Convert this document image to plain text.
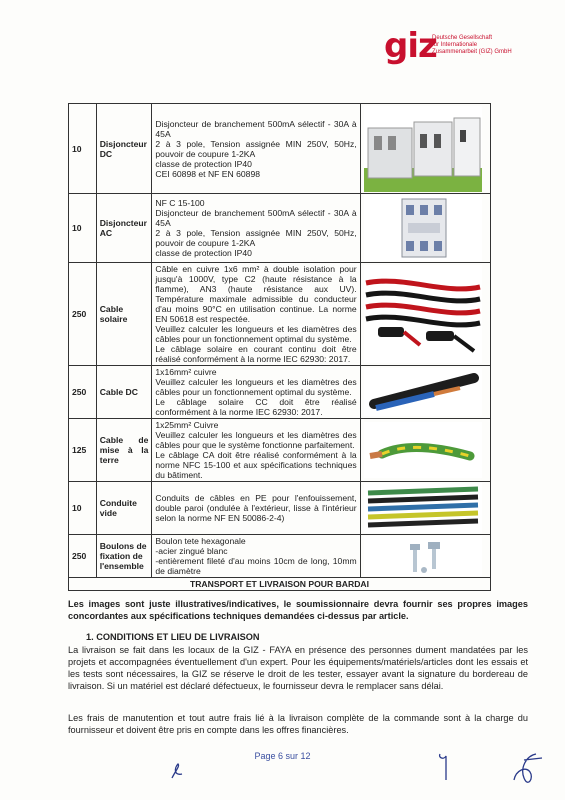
giz
Deutsche Gesellschaft
für Internationale
Zusammenarbeit (GIZ) GmbH
10	Disjoncteur DC	Disjoncteur de branchement 500mA sélectif - 30A à 45A
2 à 3 pole, Tension assignée MIN 250V, 50Hz, pouvoir de coupure 1-2KA
classe de protection IP40
CEI 60898 et NF EN 60898	

10	Disjoncteur AC	NF C 15-100
Disjoncteur de branchement 500mA sélectif - 30A à 45A
2 à 3 pole, Tension assignée MIN 250V, 50Hz, pouvoir de coupure 1-2KA
classe de protection IP40	

250	Cable solaire	Câble en cuivre 1x6 mm² à double isolation pour jusqu'à 1000V, type C2 (haute résistance à la flamme), AN3 (haute résistance aux UV). Température maximale admissible du conducteur d'au moins 90°C en utilisation continue. La norme EN 50618 est respectée.
Veuillez calculer les longueurs et les diamètres des câbles pour un fonctionnement optimal du système.
Le câblage solaire en courant continu doit être réalisé conformément à la norme IEC 62930: 2017.	

250	Cable DC	1x16mm² cuivre
Veuillez calculer les longueurs et les diamètres des câbles pour un fonctionnement optimal du système.
Le câblage solaire CC doit être réalisé conformément à la norme IEC 62930: 2017.	

125	Cable de mise à la terre	1x25mm² Cuivre
Veuillez calculer les longueurs et les diamètres des câbles pour que le système fonctionne parfaitement.
Le câblage CA doit être réalisé conformément à la norme NFC 15-100 et aux spécifications techniques du bâtiment.	

10	Conduite vide	Conduits de câbles en PE pour l'enfouissement, double paroi (ondulée à l'extérieur, lisse à l'intérieur selon la norme NF EN 50086-2-4)	

250	Boulons de fixation de l'ensemble	Boulon tete hexagonale
-acier zingué blanc
-entièrement fileté d'au moins 10cm de long, 10mm de diamètre	

TRANSPORT ET LIVRAISON POUR BARDAI			
Les images sont juste illustratives/indicatives, le soumissionnaire devra fournir ses propres images concordantes aux spécifications techniques demandées ci-dessus par article.
1. CONDITIONS ET LIEU DE LIVRAISON
La livraison se fait dans les locaux de la GIZ - FAYA en présence des personnes dument mandatées par les projets et accompagnées éventuellement d'un expert. Pour les équipements/matériels/articles dont les essais et les tests sont nécessaires, la GIZ se réserve le droit de les tester, essayer avant la signature du bordereau de livraison. Si un matériel est déclaré défectueux, le fournisseur devra le remplacer sans délai.
Les frais de manutention et tout autre frais lié à la livraison complète de la commande sont à la charge du fournisseur et doivent être pris en compte dans les offres financières.
Page 6 sur 12
